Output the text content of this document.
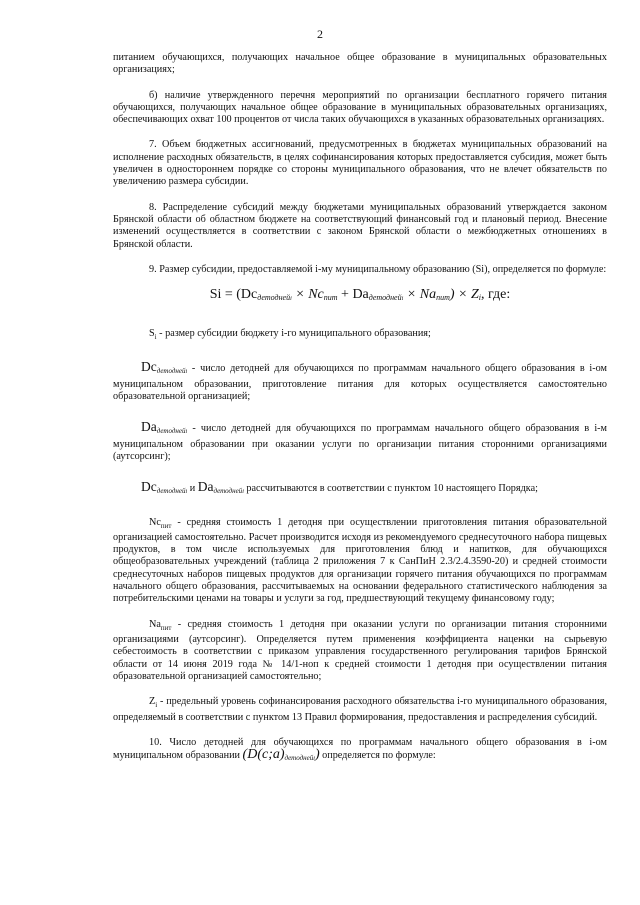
2

питанием обучающихся, получающих начальное общее образование в муниципальных образовательных организациях;

б) наличие утвержденного перечня мероприятий по организации бесплатного горячего питания обучающихся, получающих начальное общее образование в муниципальных образовательных организациях, обеспечивающих охват 100 процентов от числа таких обучающихся в указанных образовательных организациях.

7. Объем бюджетных ассигнований, предусмотренных в бюджетах муниципальных образований на исполнение расходных обязательств, в целях софинансирования которых предоставляется субсидия, может быть увеличен в одностороннем порядке со стороны муниципального образования, что не влечет обязательств по увеличению размера субсидии.

8. Распределение субсидий между бюджетами муниципальных образований утверждается законом Брянской области об областном бюджете на соответствующий финансовый год и плановый период. Внесение изменений осуществляется в соответствии с законом Брянской области о межбюджетных отношениях в Брянской области.

9. Размер субсидии, предоставляемой i-му муниципальному образованию (Si), определяется по формуле:

$Si = (Dc_{детоднейi} \times Nc_{пит} + Da_{детоднейi} \times Na_{пит}) \times Z_i$, где:

$S_i$ - размер субсидии бюджету i-го муниципального образования;

$Dc_{детоднейi}$ - число детодней для обучающихся по программам начального общего образования в i-ом муниципальном образовании, приготовление питания для которых осуществляется самостоятельно образовательной организацией;

$Da_{детоднейi}$ - число детодней для обучающихся по программам начального общего образования в i-м муниципальном образовании при оказании услуги по организации питания сторонними организациями (аутсорсинг);

$Dc_{детоднейi}$ и $Da_{детоднейi}$ рассчитываются в соответствии с пунктом 10 настоящего Порядка;

$Nc_{пит}$ - средняя стоимость 1 детодня при осуществлении приготовления питания образовательной организацией самостоятельно. Расчет производится исходя из рекомендуемого среднесуточного набора пищевых продуктов, в том числе используемых для приготовления блюд и напитков, для обучающихся общеобразовательных учреждений (таблица 2 приложения 7 к СанПиН 2.3/2.4.3590-20) и средней стоимости среднесуточных наборов пищевых продуктов для организации горячего питания обучающихся по программам начального общего образования, рассчитываемых на основании федерального статистического наблюдения за потребительскими ценами на товары и услуги за год, предшествующий текущему финансовому году;

$Na_{пит}$ - средняя стоимость 1 детодня при оказании услуги по организации питания сторонними организациями (аутсорсинг). Определяется путем применения коэффициента наценки на сырьевую себестоимость в соответствии с приказом управления государственного регулирования тарифов Брянской области от 14 июня 2019 года № 14/1-ноп к средней стоимости 1 детодня при осуществлении питания образовательной организацией самостоятельно;

$Z_i$ - предельный уровень софинансирования расходного обязательства i-го муниципального образования, определяемый в соответствии с пунктом 13 Правил формирования, предоставления и распределения субсидий.

10. Число детодней для обучающихся по программам начального общего образования в i-ом муниципальном образовании $(D(c;a)_{детоднейi})$ определяется по формуле:
